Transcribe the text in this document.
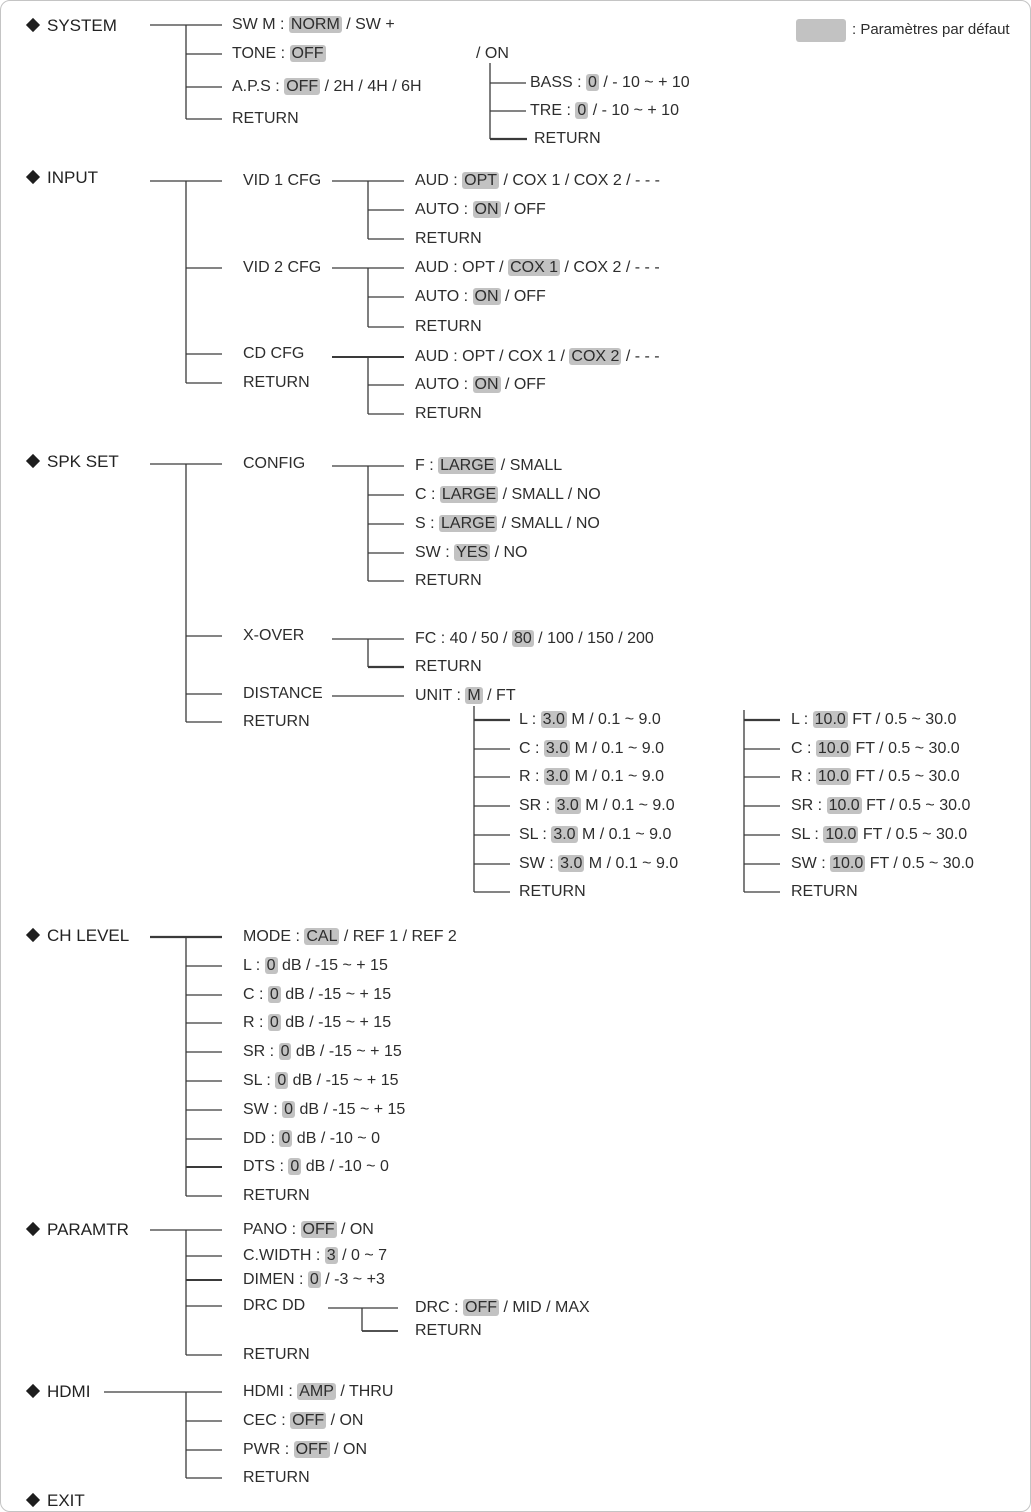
: Paramètres par défaut
SYSTEM
INPUT
SPK SET
CH LEVEL
PARAMTR
HDMI
EXIT
SW M : NORM / SW +
TONE : OFF	/ ON
A.P.S : OFF / 2H / 4H / 6H
RETURN
BASS : 0 / - 10 ~ + 10
TRE : 0 / - 10 ~ + 10
RETURN
VID 1 CFG
VID 2 CFG
CD CFG
RETURN
AUD : OPT / COX 1 / COX 2 / - - -
AUTO : ON / OFF
RETURN
AUD : OPT / COX 1 / COX 2 / - - -
AUTO : ON / OFF
RETURN
AUD : OPT / COX 1 / COX 2 / - - -
AUTO : ON / OFF
RETURN
CONFIG
X-OVER
DISTANCE
RETURN
F : LARGE / SMALL
C : LARGE / SMALL / NO
S : LARGE / SMALL / NO
SW : YES / NO
RETURN
FC : 40 / 50 / 80 / 100 / 150 / 200
RETURN
UNIT : M / FT
L : 3.0 M / 0.1 ~ 9.0
C : 3.0 M / 0.1 ~ 9.0
R : 3.0 M / 0.1 ~ 9.0
SR : 3.0 M / 0.1 ~ 9.0
SL : 3.0 M / 0.1 ~ 9.0
SW : 3.0 M / 0.1 ~ 9.0
RETURN
L : 10.0 FT / 0.5 ~ 30.0
C : 10.0 FT / 0.5 ~ 30.0
R : 10.0 FT / 0.5 ~ 30.0
SR : 10.0 FT / 0.5 ~ 30.0
SL : 10.0 FT / 0.5 ~ 30.0
SW : 10.0 FT / 0.5 ~ 30.0
RETURN
MODE : CAL / REF 1 / REF 2
L : 0 dB / -15 ~ + 15
C : 0 dB / -15 ~ + 15
R : 0 dB / -15 ~ + 15
SR : 0 dB / -15 ~ + 15
SL : 0 dB / -15 ~ + 15
SW : 0 dB / -15 ~ + 15
DD : 0 dB / -10 ~ 0
DTS : 0 dB / -10 ~ 0
RETURN
PANO : OFF / ON
C.WIDTH : 3 / 0 ~ 7
DIMEN : 0 / -3 ~ +3
DRC DD
RETURN
DRC : OFF / MID / MAX
RETURN
HDMI : AMP / THRU
CEC : OFF / ON
PWR : OFF / ON
RETURN
